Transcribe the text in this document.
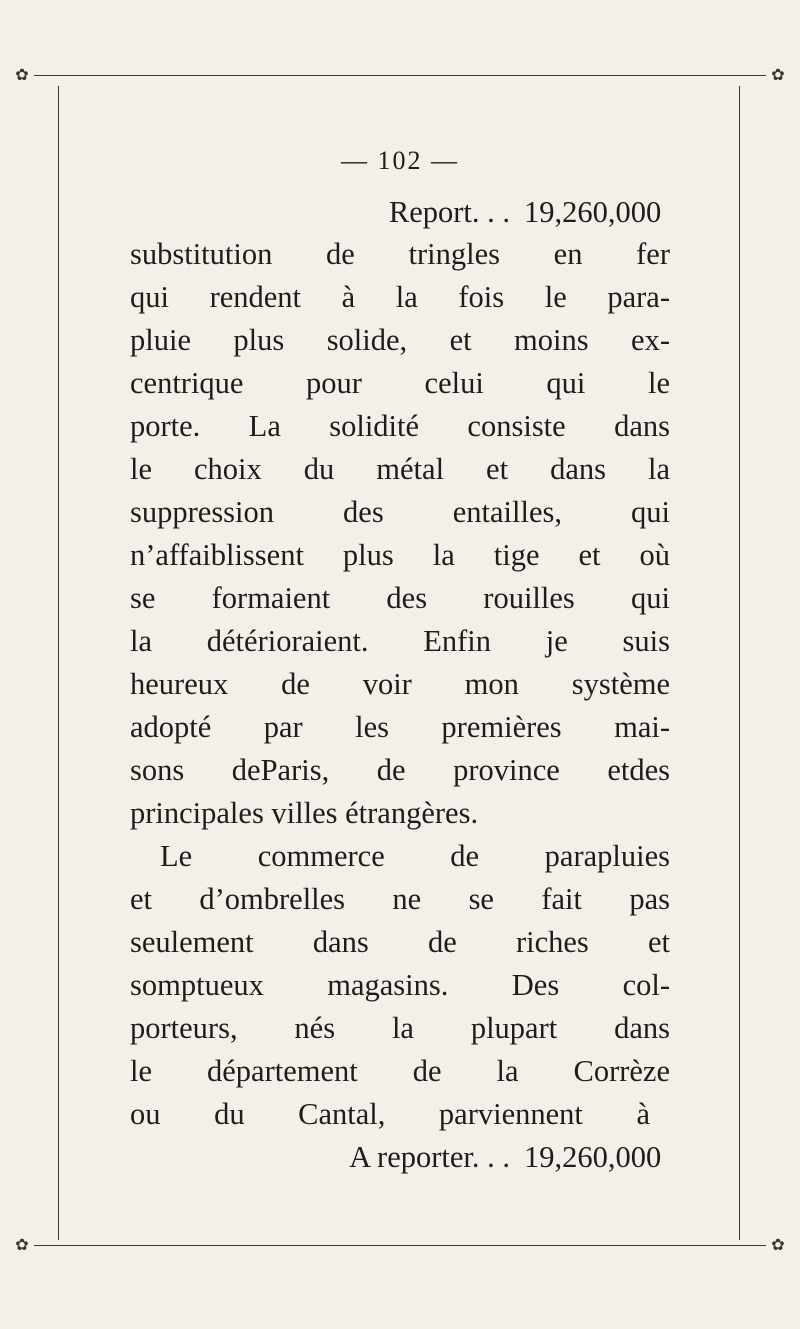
✿	✿
✿	✿
— 102 —
Report. . . 19,260,000
substitution de tringles en fer
qui rendent à la fois le para-
pluie plus solide, et moins ex-
centrique pour celui qui le
porte. La solidité consiste dans
le choix du métal et dans la
suppression des entailles, qui
n’affaiblissent plus la tige et où
se formaient des rouilles qui
la détérioraient. Enfin je suis
heureux de voir mon système
adopté par les premières mai-
sons deParis, de province etdes
principales villes étrangères.
Le commerce de parapluies
et d’ombrelles ne se fait pas
seulement dans de riches et
somptueux magasins. Des col-
porteurs, nés la plupart dans
le département de la Corrèze
ou du Cantal, parviennent à
A reporter. . . 19,260,000
